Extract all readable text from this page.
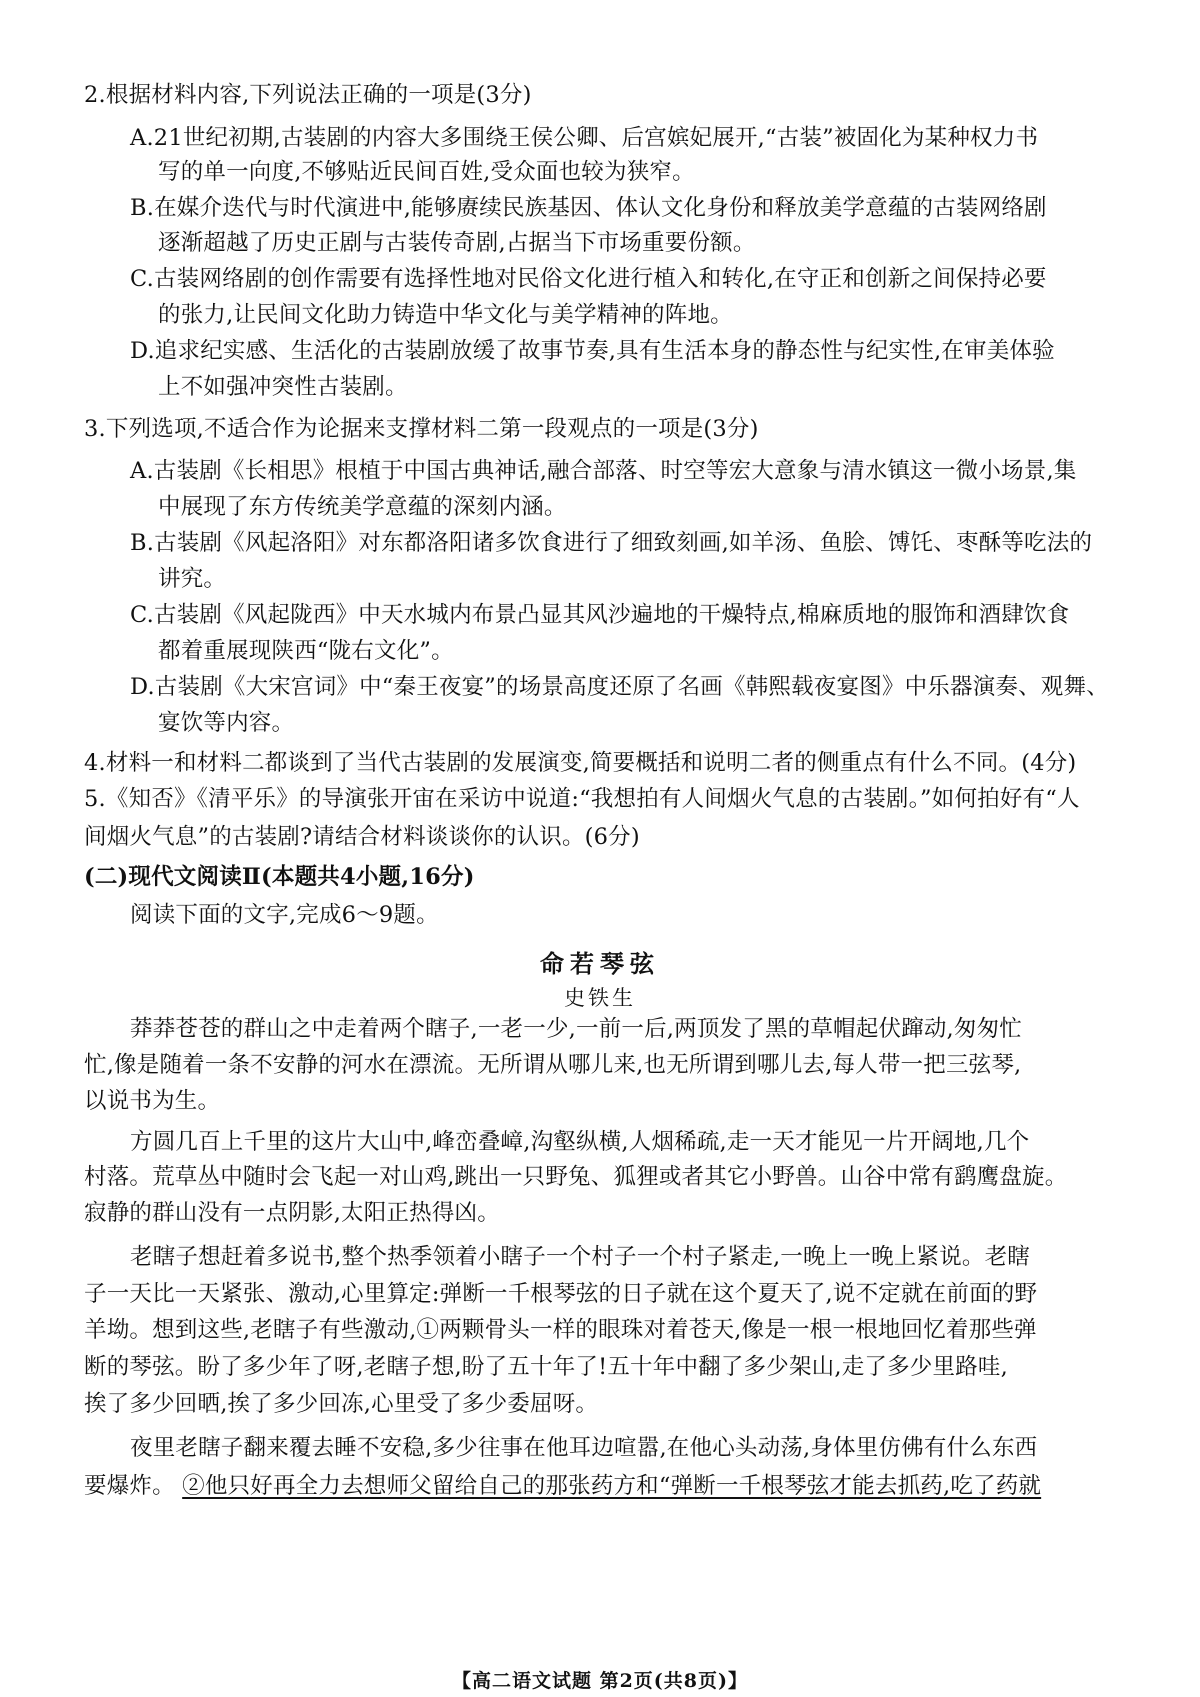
2.根据材料内容,下列说法正确的一项是(3分)
A.21世纪初期,古装剧的内容大多围绕王侯公卿、后宫嫔妃展开,“古装”被固化为某种权力书
写的单一向度,不够贴近民间百姓,受众面也较为狭窄。
B.在媒介迭代与时代演进中,能够赓续民族基因、体认文化身份和释放美学意蕴的古装网络剧
逐渐超越了历史正剧与古装传奇剧,占据当下市场重要份额。
C.古装网络剧的创作需要有选择性地对民俗文化进行植入和转化,在守正和创新之间保持必要
的张力,让民间文化助力铸造中华文化与美学精神的阵地。
D.追求纪实感、生活化的古装剧放缓了故事节奏,具有生活本身的静态性与纪实性,在审美体验
上不如强冲突性古装剧。
3.下列选项,不适合作为论据来支撑材料二第一段观点的一项是(3分)
A.古装剧《长相思》根植于中国古典神话,融合部落、时空等宏大意象与清水镇这一微小场景,集
中展现了东方传统美学意蕴的深刻内涵。
B.古装剧《风起洛阳》对东都洛阳诸多饮食进行了细致刻画,如羊汤、鱼脍、馎饦、枣酥等吃法的
讲究。
C.古装剧《风起陇西》中天水城内布景凸显其风沙遍地的干燥特点,棉麻质地的服饰和酒肆饮食
都着重展现陕西“陇右文化”。
D.古装剧《大宋宫词》中“秦王夜宴”的场景高度还原了名画《韩熙载夜宴图》中乐器演奏、观舞、
宴饮等内容。
4.材料一和材料二都谈到了当代古装剧的发展演变,简要概括和说明二者的侧重点有什么不同。(4分)
5.《知否》《清平乐》的导演张开宙在采访中说道:“我想拍有人间烟火气息的古装剧。”如何拍好有“人
间烟火气息”的古装剧?请结合材料谈谈你的认识。(6分)
(二)现代文阅读Ⅱ(本题共4小题,16分)
阅读下面的文字,完成6～9题。
命若琴弦
史铁生
莽莽苍苍的群山之中走着两个瞎子,一老一少,一前一后,两顶发了黑的草帽起伏蹿动,匆匆忙
忙,像是随着一条不安静的河水在漂流。无所谓从哪儿来,也无所谓到哪儿去,每人带一把三弦琴,
以说书为生。
方圆几百上千里的这片大山中,峰峦叠嶂,沟壑纵横,人烟稀疏,走一天才能见一片开阔地,几个
村落。荒草丛中随时会飞起一对山鸡,跳出一只野兔、狐狸或者其它小野兽。山谷中常有鹞鹰盘旋。
寂静的群山没有一点阴影,太阳正热得凶。
老瞎子想赶着多说书,整个热季领着小瞎子一个村子一个村子紧走,一晚上一晚上紧说。老瞎
子一天比一天紧张、激动,心里算定:弹断一千根琴弦的日子就在这个夏天了,说不定就在前面的野
羊坳。想到这些,老瞎子有些激动,①两颗骨头一样的眼珠对着苍天,像是一根一根地回忆着那些弹
断的琴弦。盼了多少年了呀,老瞎子想,盼了五十年了!五十年中翻了多少架山,走了多少里路哇,
挨了多少回晒,挨了多少回冻,心里受了多少委屈呀。
夜里老瞎子翻来覆去睡不安稳,多少往事在他耳边喧嚣,在他心头动荡,身体里仿佛有什么东西
要爆炸。 ②他只好再全力去想师父留给自己的那张药方和“弹断一千根琴弦才能去抓药,吃了药就
【高二语文试题 第2页(共8页)】
